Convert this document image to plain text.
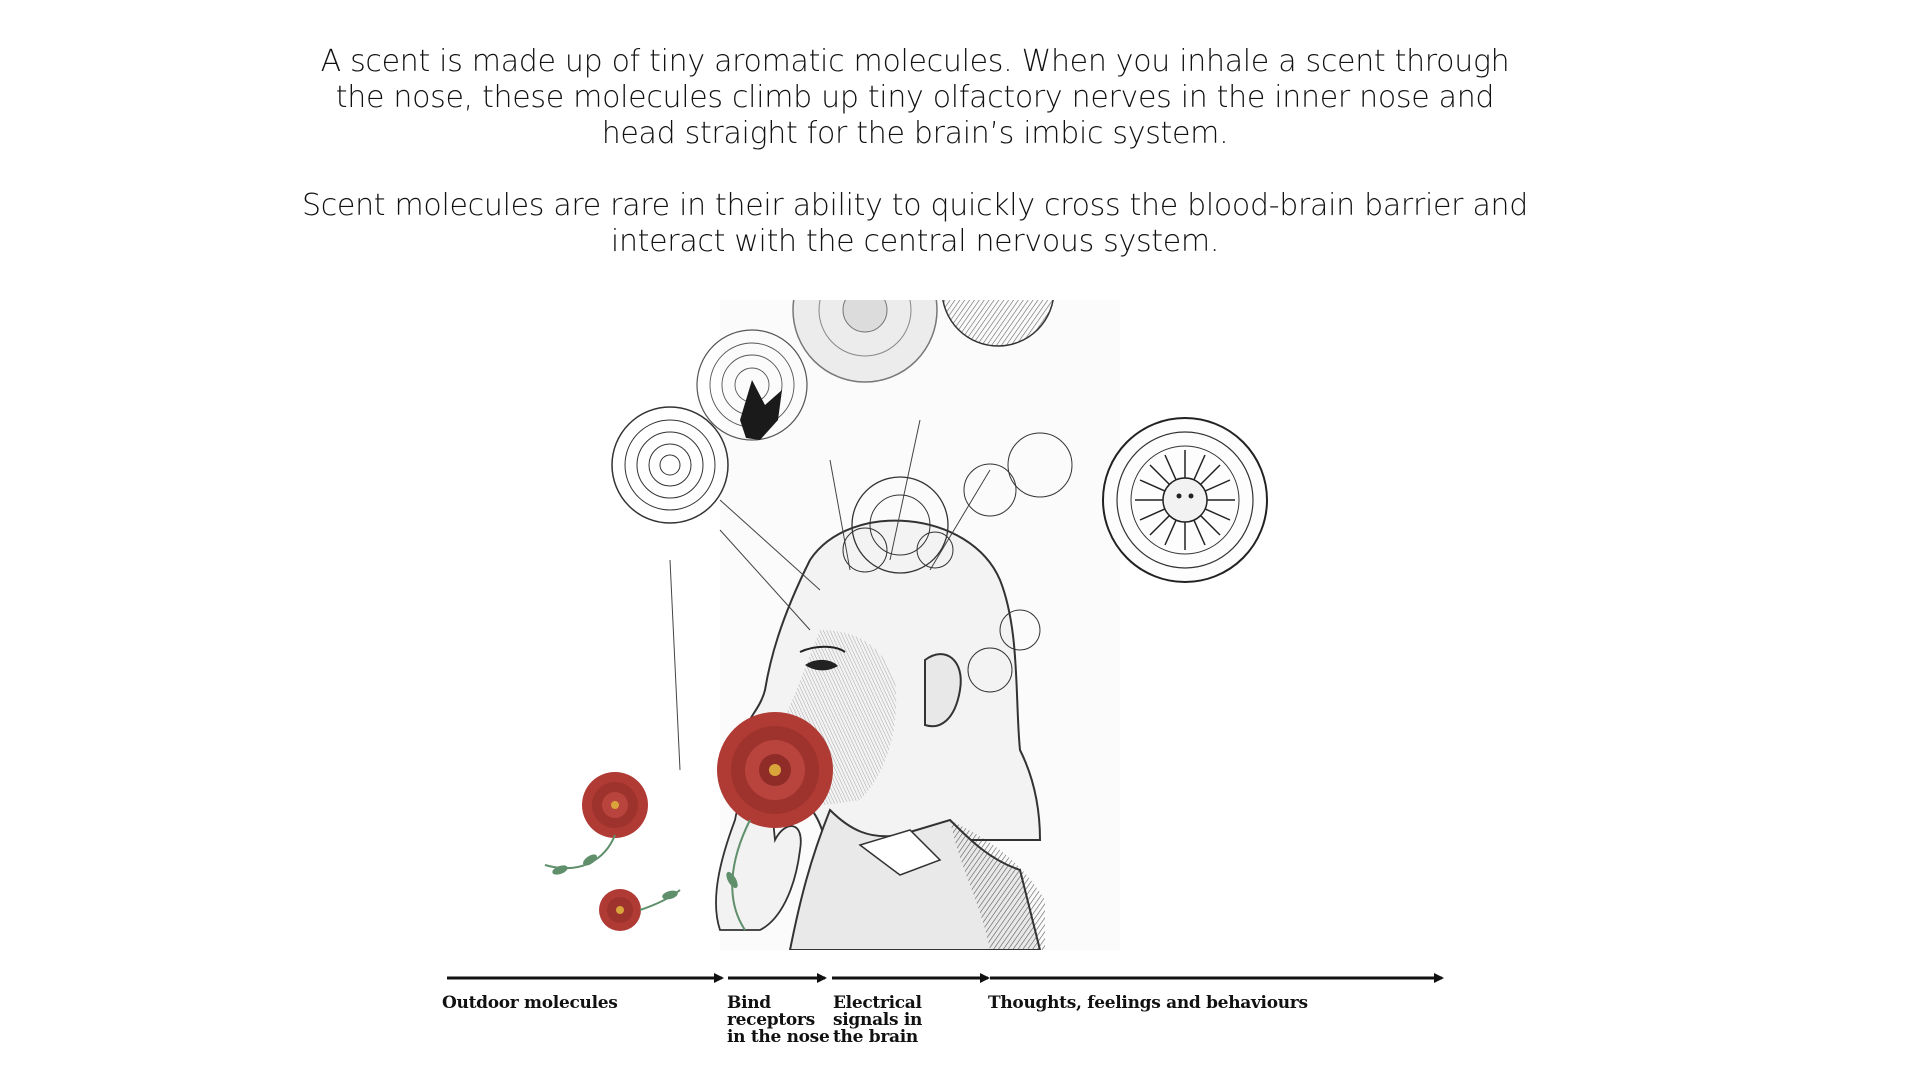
A scent is made up of tiny aromatic molecules. When you inhale a scent through the nose, these molecules climb up tiny olfactory nerves in the inner nose and head straight for the brain’s imbic system.

Scent molecules are rare in their ability to quickly cross the blood-brain barrier and interact with the central nervous system.

Outdoor molecules	Bind
receptors
in the nose
Electrical
signals in
the brain
Thoughts, feelings and behaviours
